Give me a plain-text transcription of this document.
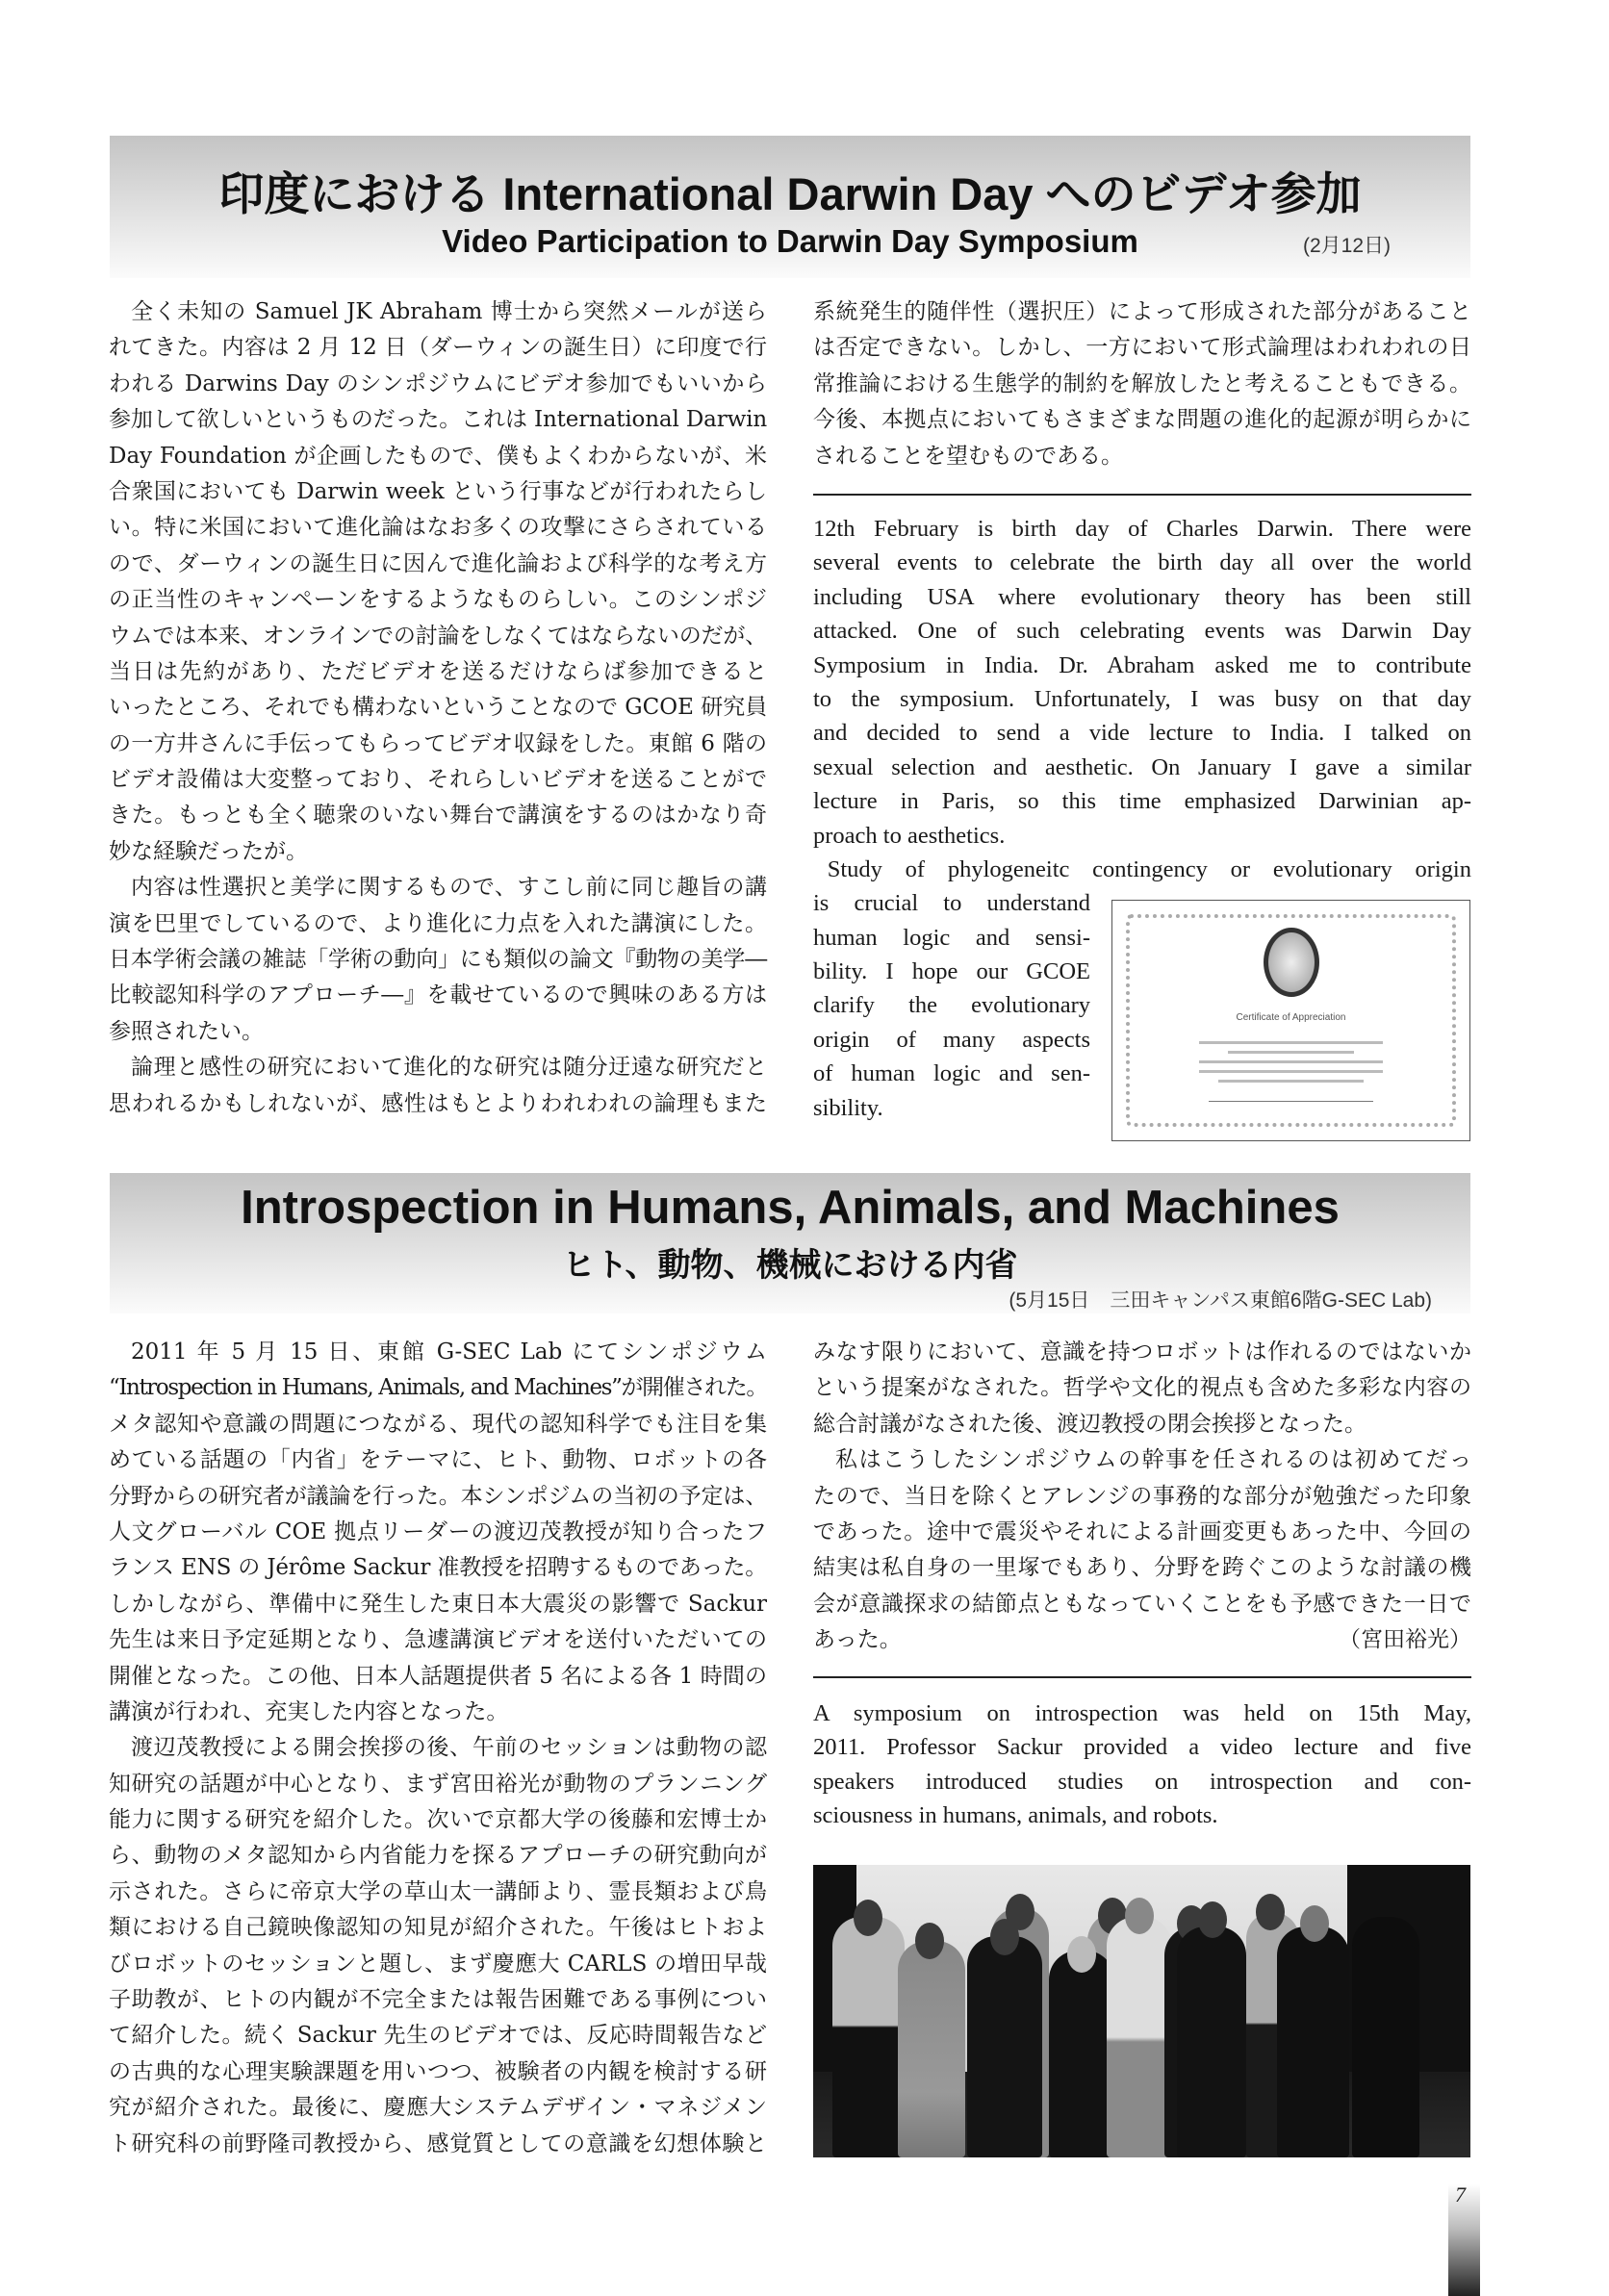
印度における International Darwin Day へのビデオ参加
Video Participation to Darwin Day Symposium	(2月12日)
全く未知の Samuel JK Abraham 博士から突然メールが送ら
れてきた。内容は 2 月 12 日（ダーウィンの誕生日）に印度で行
われる Darwins Day のシンポジウムにビデオ参加でもいいから
参加して欲しいというものだった。これは International Darwin
Day Foundation が企画したもので、僕もよくわからないが、米
合衆国においても Darwin week という行事などが行われたらし
い。特に米国において進化論はなお多くの攻撃にさらされている
ので、ダーウィンの誕生日に因んで進化論および科学的な考え方
の正当性のキャンペーンをするようなものらしい。このシンポジ
ウムでは本来、オンラインでの討論をしなくてはならないのだが、
当日は先約があり、ただビデオを送るだけならば参加できると
いったところ、それでも構わないということなので GCOE 研究員
の一方井さんに手伝ってもらってビデオ収録をした。東館 6 階の
ビデオ設備は大変整っており、それらしいビデオを送ることがで
きた。もっとも全く聴衆のいない舞台で講演をするのはかなり奇
妙な経験だったが。
内容は性選択と美学に関するもので、すこし前に同じ趣旨の講
演を巴里でしているので、より進化に力点を入れた講演にした。
日本学術会議の雑誌「学術の動向」にも類似の論文『動物の美学―
比較認知科学のアプローチ―』を載せているので興味のある方は
参照されたい。
論理と感性の研究において進化的な研究は随分迂遠な研究だと
思われるかもしれないが、感性はもとよりわれわれの論理もまた
系統発生的随伴性（選択圧）によって形成された部分があること
は否定できない。しかし、一方において形式論理はわれわれの日
常推論における生態学的制約を解放したと考えることもできる。
今後、本拠点においてもさまざまな問題の進化的起源が明らかに
されることを望むものである。
12th February is birth day of Charles Darwin. There were
several events to celebrate the birth day all over the world
including USA where evolutionary theory has been still
attacked. One of such celebrating events was Darwin Day
Symposium in India. Dr. Abraham asked me to contribute
to the symposium. Unfortunately, I was busy on that day
and decided to send a vide lecture to India. I talked on
sexual selection and aesthetic. On January I gave a similar
lecture in Paris, so this time emphasized Darwinian ap-
proach to aesthetics.
Study of phylogeneitc contingency or evolutionary origin
is crucial to understand
human logic and sensi-
bility. I hope our GCOE
clarify the evolutionary
origin of many aspects
of human logic and sen-
sibility.
Certificate of Appreciation
Introspection in Humans, Animals, and Machines
ヒト、動物、機械における内省
(5月15日　三田キャンパス東館6階G-SEC Lab)
2011 年 5 月 15 日、東館 G-SEC Lab にてシンポジウム
“Introspection in Humans, Animals, and Machines”が開催された。
メタ認知や意識の問題につながる、現代の認知科学でも注目を集
めている話題の「内省」をテーマに、ヒト、動物、ロボットの各
分野からの研究者が議論を行った。本シンポジムの当初の予定は、
人文グローバル COE 拠点リーダーの渡辺茂教授が知り合ったフ
ランス ENS の Jérôme Sackur 准教授を招聘するものであった。
しかしながら、準備中に発生した東日本大震災の影響で Sackur
先生は来日予定延期となり、急遽講演ビデオを送付いただいての
開催となった。この他、日本人話題提供者 5 名による各 1 時間の
講演が行われ、充実した内容となった。
渡辺茂教授による開会挨拶の後、午前のセッションは動物の認
知研究の話題が中心となり、まず宮田裕光が動物のプランニング
能力に関する研究を紹介した。次いで京都大学の後藤和宏博士か
ら、動物のメタ認知から内省能力を探るアプローチの研究動向が
示された。さらに帝京大学の草山太一講師より、霊長類および鳥
類における自己鏡映像認知の知見が紹介された。午後はヒトおよ
びロボットのセッションと題し、まず慶應大 CARLS の増田早哉
子助教が、ヒトの内観が不完全または報告困難である事例につい
て紹介した。続く Sackur 先生のビデオでは、反応時間報告など
の古典的な心理実験課題を用いつつ、被験者の内観を検討する研
究が紹介された。最後に、慶應大システムデザイン・マネジメン
ト研究科の前野隆司教授から、感覚質としての意識を幻想体験と
みなす限りにおいて、意識を持つロボットは作れるのではないか
という提案がなされた。哲学や文化的視点も含めた多彩な内容の
総合討議がなされた後、渡辺教授の閉会挨拶となった。
私はこうしたシンポジウムの幹事を任されるのは初めてだっ
たので、当日を除くとアレンジの事務的な部分が勉強だった印象
であった。途中で震災やそれによる計画変更もあった中、今回の
結実は私自身の一里塚でもあり、分野を跨ぐこのような討議の機
会が意識探求の結節点ともなっていくことをも予感できた一日で
あった。	（宮田裕光）
A symposium on introspection was held on 15th May,
2011. Professor Sackur provided a video lecture and five
speakers introduced studies on introspection and con-
sciousness in humans, animals, and robots.
7
